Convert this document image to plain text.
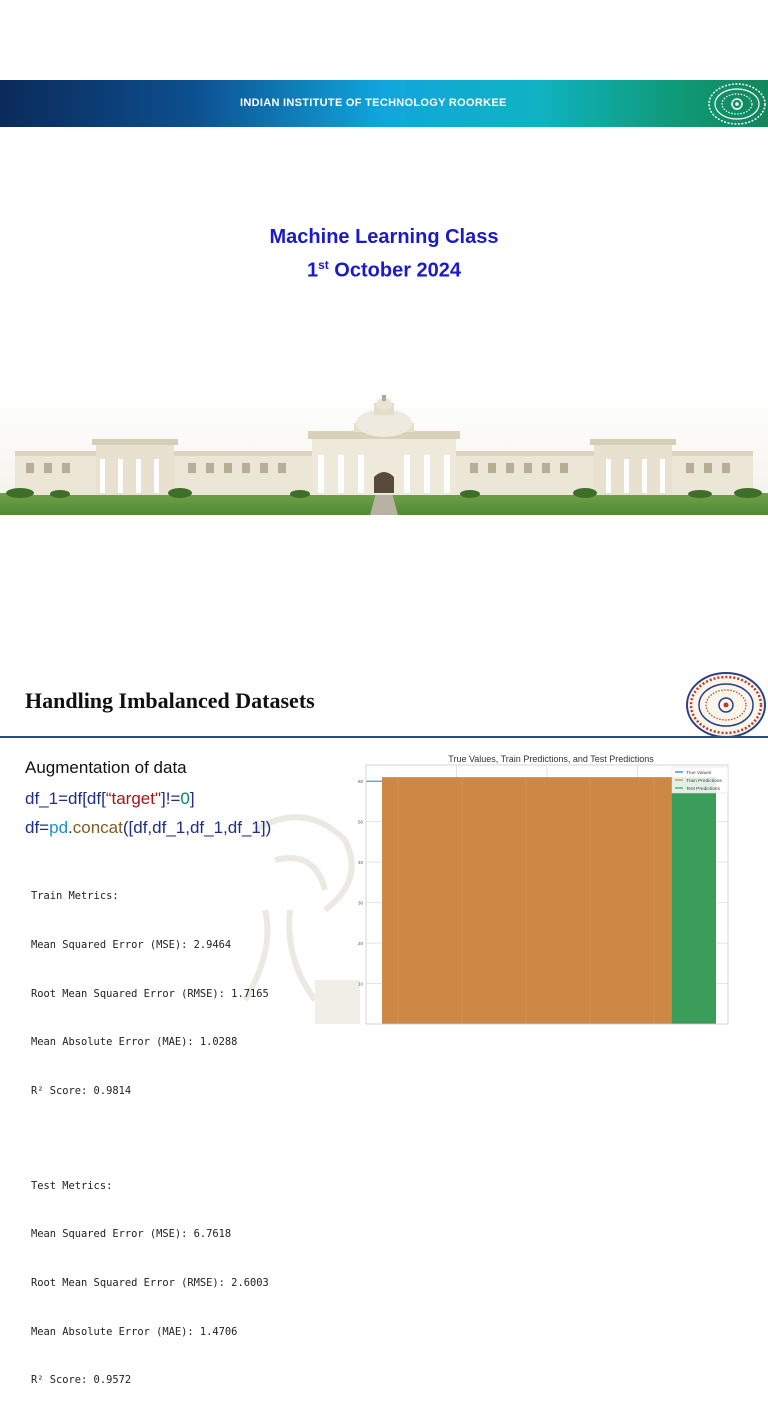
INDIAN INSTITUTE OF TECHNOLOGY ROORKEE
Machine Learning Class
1st October 2024
Handling Imbalanced Datasets
Augmentation of data
df_1=df[df[“target"]!=0]
df=pd.concat([df,df_1,df_1,df_1])

Train Metrics:

Mean Squared Error (MSE): 2.9464

Root Mean Squared Error (RMSE): 1.7165

Mean Absolute Error (MAE): 1.0288

R² Score: 0.9814

Test Metrics:

Mean Squared Error (MSE): 6.7618

Root Mean Squared Error (RMSE): 2.6003

Mean Absolute Error (MAE): 1.4706

R² Score: 0.9572

True Values, Train Predictions, and Test Predictions
10
20
30
40
50
60
True Values
Train Predictions
Test Predictions
